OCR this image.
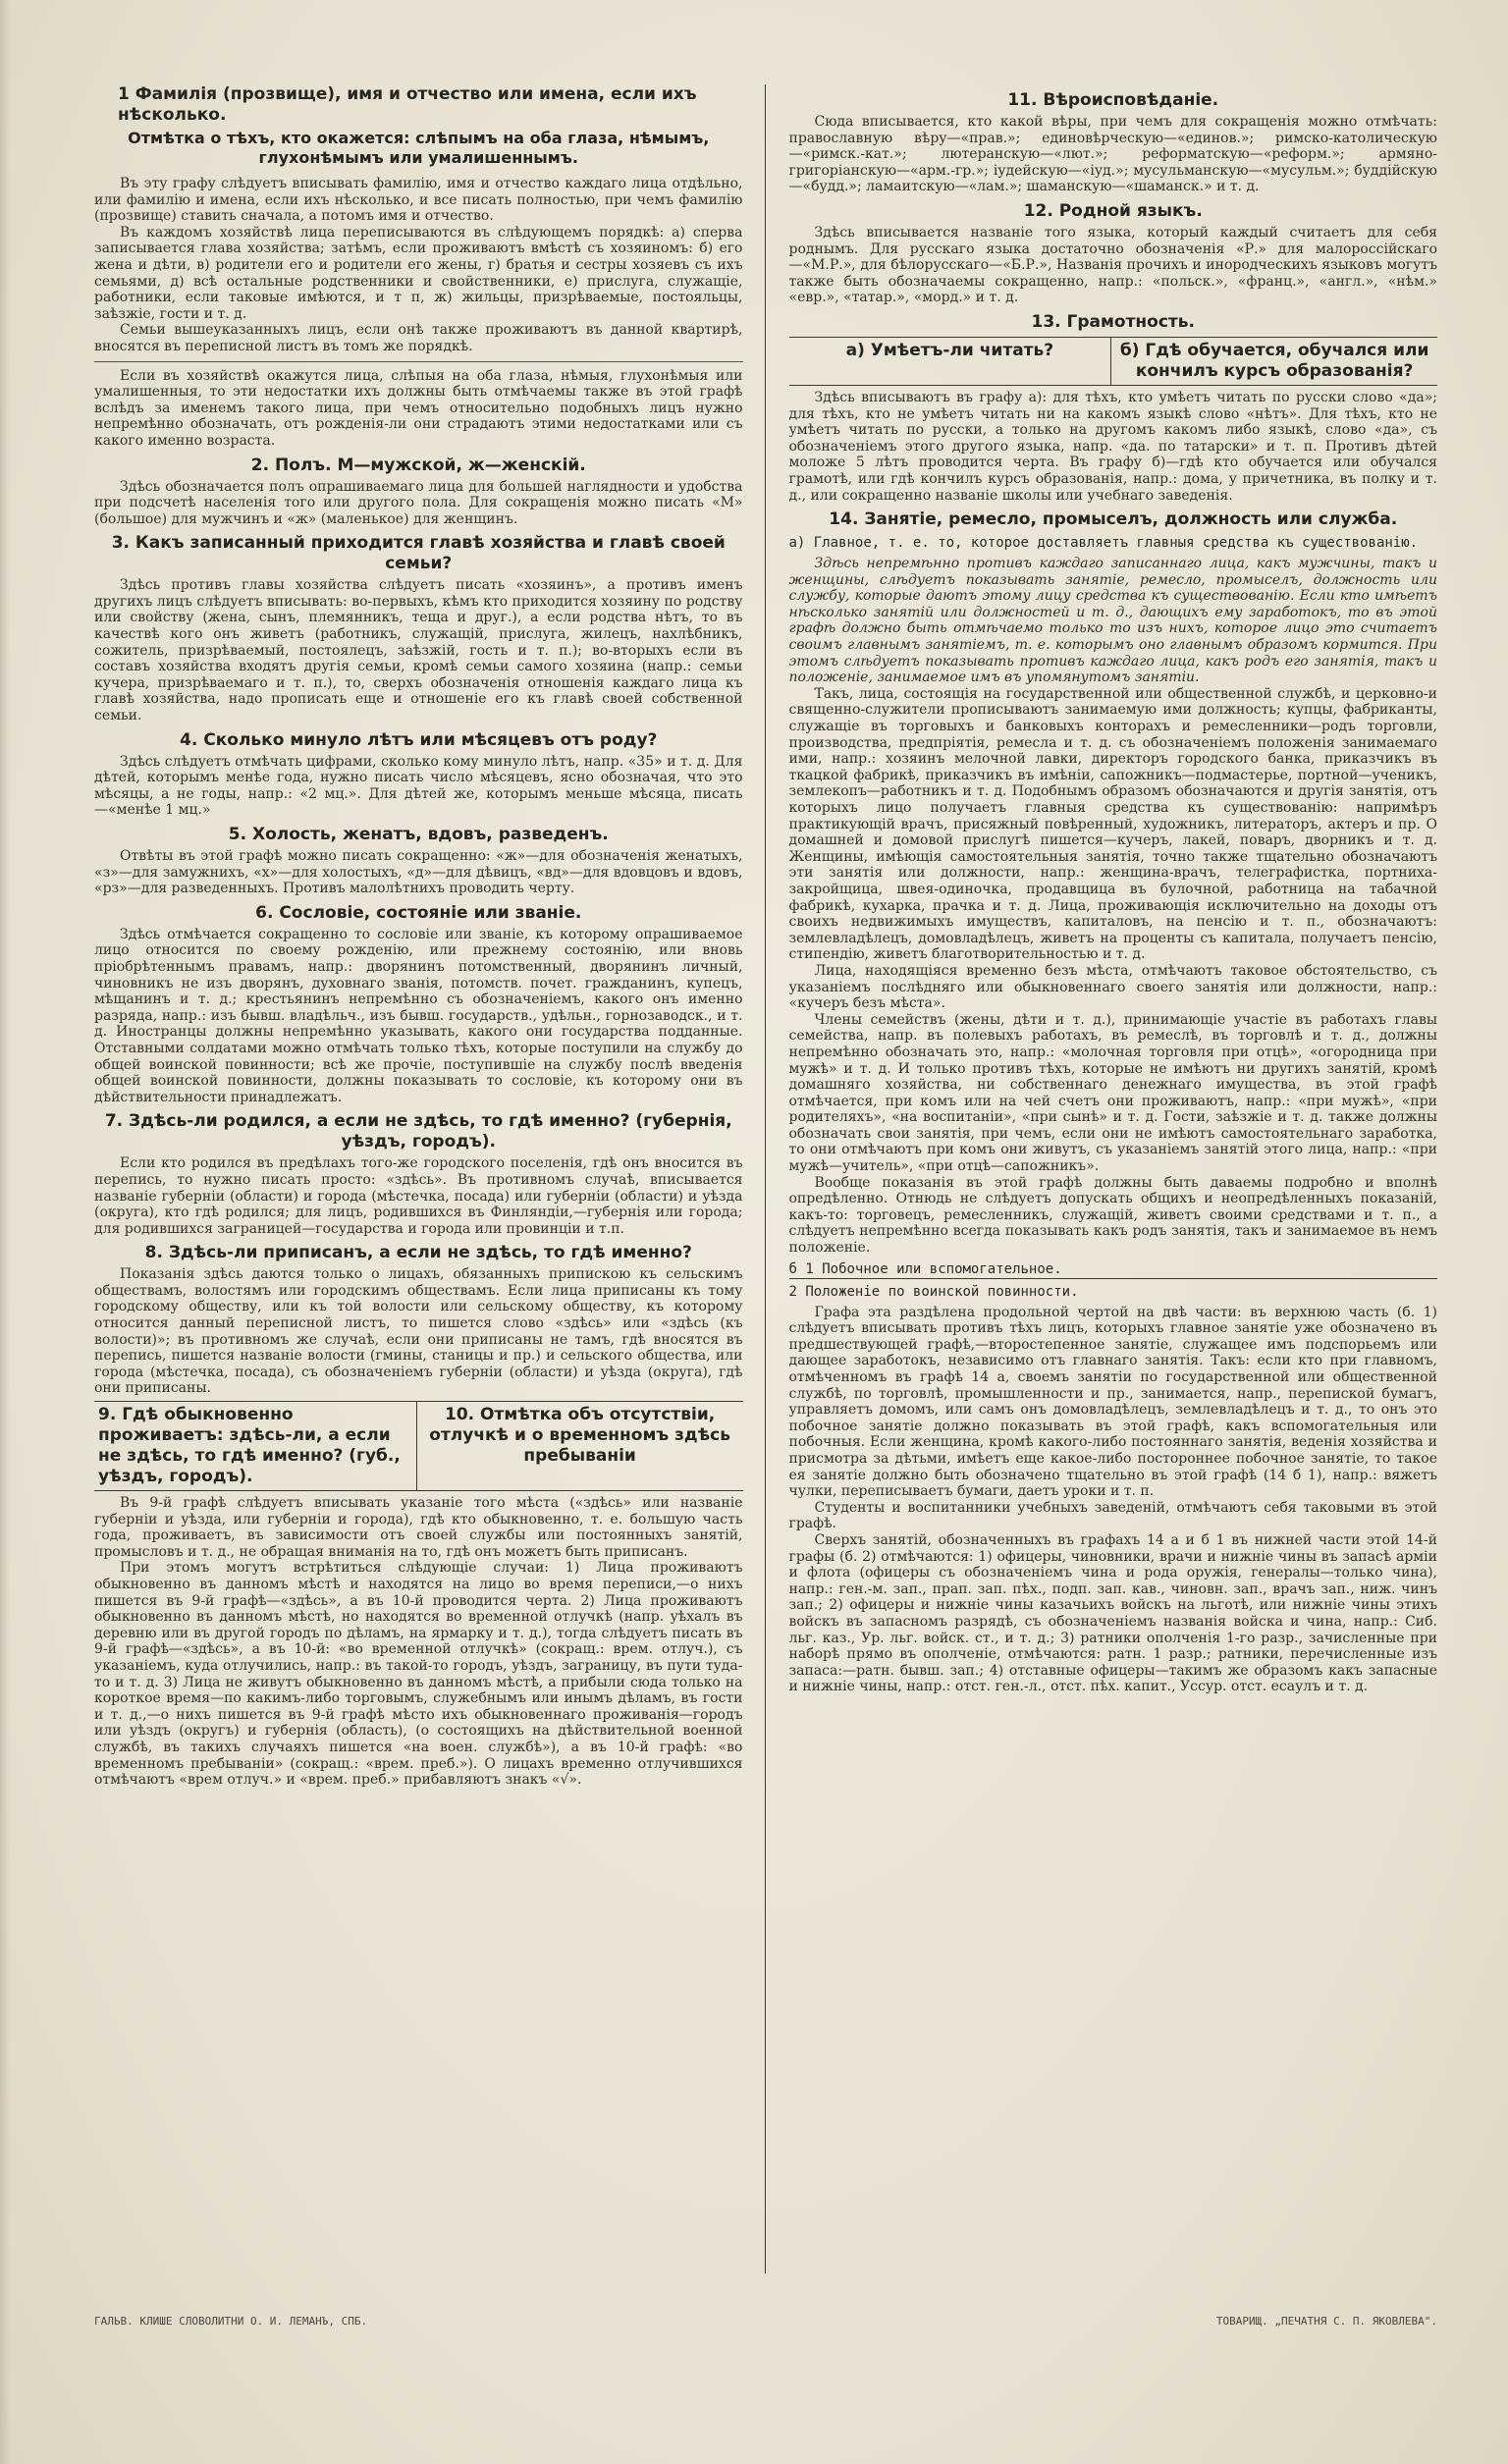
1 Фамилія (прозвище), имя и отчество или имена, если ихъ нѣсколько.
Отмѣтка о тѣхъ, кто окажется: слѣпымъ на оба глаза, нѣмымъ, глухонѣмымъ или умалишеннымъ.

Въ эту графу слѣдуетъ вписывать фамилію, имя и отчество каждаго лица отдѣльно, или фамилію и имена, если ихъ нѣсколько, и все писать полностью, при чемъ фамилію (прозвище) ставить сначала, а потомъ имя и отчество.

Въ каждомъ хозяйствѣ лица переписываются въ слѣдующемъ порядкѣ: а) сперва записывается глава хозяйства; затѣмъ, если проживаютъ вмѣстѣ съ хозяиномъ: б) его жена и дѣти, в) родители его и родители его жены, г) братья и сестры хозяевъ съ ихъ семьями, д) всѣ остальные родственники и свойственники, е) прислуга, служащіе, работники, если таковые имѣются, и т п, ж) жильцы, призрѣваемые, постояльцы, заѣзжіе, гости и т. д.

Семьи вышеуказанныхъ лицъ, если онѣ также проживаютъ въ данной квартирѣ, вносятся въ переписной листъ въ томъ же порядкѣ.

Если въ хозяйствѣ окажутся лица, слѣпыя на оба глаза, нѣмыя, глухонѣмыя или умалишенныя, то эти недостатки ихъ должны быть отмѣчаемы также въ этой графѣ вслѣдъ за именемъ такого лица, при чемъ относительно подобныхъ лицъ нужно непремѣнно обозначать, отъ рожденія-ли они страдаютъ этими недостатками или съ какого именно возраста.

2. Полъ. М—мужской, ж—женскій.

Здѣсь обозначается полъ опрашиваемаго лица для большей наглядности и удобства при подсчетѣ населенія того или другого пола. Для сокращенія можно писать «М» (большое) для мужчинъ и «ж» (маленькое) для женщинъ.

3. Какъ записанный приходится главѣ хозяйства и главѣ своей семьи?

Здѣсь противъ главы хозяйства слѣдуетъ писать «хозяинъ», а противъ именъ другихъ лицъ слѣдуетъ вписывать: во-первыхъ, кѣмъ кто приходится хозяину по родству или свойству (жена, сынъ, племянникъ, теща и друг.), а если родства нѣтъ, то въ качествѣ кого онъ живетъ (работникъ, служащій, прислуга, жилецъ, нахлѣбникъ, сожитель, призрѣваемый, постоялецъ, заѣзжій, гость и т. п.); во-вторыхъ если въ составъ хозяйства входятъ другія семьи, кромѣ семьи самого хозяина (напр.: семьи кучера, призрѣваемаго и т. п.), то, сверхъ обозначенія отношенія каждаго лица къ главѣ хозяйства, надо прописать еще и отношеніе его къ главѣ своей собственной семьи.

4. Сколько минуло лѣтъ или мѣсяцевъ отъ роду?

Здѣсь слѣдуетъ отмѣчать цифрами, сколько кому минуло лѣтъ, напр. «35» и т. д. Для дѣтей, которымъ менѣе года, нужно писать число мѣсяцевъ, ясно обозначая, что это мѣсяцы, а не годы, напр.: «2 мц.». Для дѣтей же, которымъ меньше мѣсяца, писать—«менѣе 1 мц.»

5. Холость, женатъ, вдовъ, разведенъ.

Отвѣты въ этой графѣ можно писать сокращенно: «ж»—для обозначенія женатыхъ, «з»—для замужнихъ, «х»—для холостыхъ, «д»—для дѣвицъ, «вд»—для вдовцовъ и вдовъ, «рз»—для разведенныхъ. Противъ малолѣтнихъ проводить черту.

6. Сословіе, состояніе или званіе.

Здѣсь отмѣчается сокращенно то сословіе или званіе, къ которому опрашиваемое лицо относится по своему рожденію, или прежнему состоянію, или вновь пріобрѣтеннымъ правамъ, напр.: дворянинъ потомственный, дворянинъ личный, чиновникъ не изъ дворянъ, духовнаго званія, потомств. почет. гражданинъ, купецъ, мѣщанинъ и т. д.; крестьянинъ непремѣнно съ обозначеніемъ, какого онъ именно разряда, напр.: изъ бывш. владѣльч., изъ бывш. государств., удѣльн., горнозаводск., и т. д. Иностранцы должны непремѣнно указывать, какого они государства подданные. Отставными солдатами можно отмѣчать только тѣхъ, которые поступили на службу до общей воинской повинности; всѣ же прочіе, поступившіе на службу послѣ введенія общей воинской повинности, должны показывать то сословіе, къ которому они въ дѣйствительности принадлежатъ.

7. Здѣсь-ли родился, а если не здѣсь, то гдѣ именно? (губернія, уѣздъ, городъ).

Если кто родился въ предѣлахъ того-же городского поселенія, гдѣ онъ вносится въ перепись, то нужно писать просто: «здѣсь». Въ противномъ случаѣ, вписывается названіе губерніи (области) и города (мѣстечка, посада) или губерніи (области) и уѣзда (округа), кто гдѣ родился; для лицъ, родившихся въ Финляндіи,—губернія или города; для родившихся заграницей—государства и города или провинціи и т.п.

8. Здѣсь-ли приписанъ, а если не здѣсь, то гдѣ именно?

Показанія здѣсь даются только о лицахъ, обязанныхъ припискою къ сельскимъ обществамъ, волостямъ или городскимъ обществамъ. Если лица приписаны къ тому городскому обществу, или къ той волости или сельскому обществу, къ которому относится данный переписной листъ, то пишется слово «здѣсь» или «здѣсь (къ волости)»; въ противномъ же случаѣ, если они приписаны не тамъ, гдѣ вносятся въ перепись, пишется названіе волости (гмины, станицы и пр.) и сельского общества, или города (мѣстечка, посада), съ обозначеніемъ губерніи (области) и уѣзда (округа), гдѣ они приписаны.

9. Гдѣ обыкновенно проживаетъ: здѣсь-ли, а если не здѣсь, то гдѣ именно? (губ., уѣздъ, городъ).
10. Отмѣтка объ отсутствіи, отлучкѣ и о временномъ здѣсь пребываніи

Въ 9-й графѣ слѣдуетъ вписывать указаніе того мѣста («здѣсь» или названіе губерніи и уѣзда, или губерніи и города), гдѣ кто обыкновенно, т. е. большую часть года, проживаетъ, въ зависимости отъ своей службы или постоянныхъ занятій, промысловъ и т. д., не обращая вниманія на то, гдѣ онъ можетъ быть приписанъ.

При этомъ могутъ встрѣтиться слѣдующіе случаи: 1) Лица проживаютъ обыкновенно въ данномъ мѣстѣ и находятся на лицо во время переписи,—о нихъ пишется въ 9-й графѣ—«здѣсь», а въ 10-й проводится черта. 2) Лица проживаютъ обыкновенно въ данномъ мѣстѣ, но находятся во временной отлучкѣ (напр. уѣхалъ въ деревню или въ другой городъ по дѣламъ, на ярмарку и т. д.), тогда слѣдуетъ писать въ 9-й графѣ—«здѣсь», а въ 10-й: «во временной отлучкѣ» (сокращ.: врем. отлуч.), съ указаніемъ, куда отлучились, напр.: въ такой-то городъ, уѣздъ, заграницу, въ пути туда-то и т. д. 3) Лица не живутъ обыкновенно въ данномъ мѣстѣ, а прибыли сюда только на короткое время—по какимъ-либо торговымъ, служебнымъ или инымъ дѣламъ, въ гости и т. д.,—о нихъ пишется въ 9-й графѣ мѣсто ихъ обыкновеннаго проживанія—городъ или уѣздъ (округъ) и губернія (область), (о состоящихъ на дѣйствительной военной службѣ, въ такихъ случаяхъ пишется «на воен. службѣ»), а въ 10-й графѣ: «во временномъ пребываніи» (сокращ.: «врем. преб.»). О лицахъ временно отлучившихся отмѣчаютъ «врем отлуч.» и «врем. преб.» прибавляютъ знакъ «√».

11. Вѣроисповѣданіе.

Сюда вписывается, кто какой вѣры, при чемъ для сокращенія можно отмѣчать: православную вѣру—«прав.»; единовѣрческую—«единов.»; римско-католическую—«римск.-кат.»; лютеранскую—«лют.»; реформатскую—«реформ.»; армяно-григоріанскую—«арм.-гр.»; іудейскую—«іуд.»; мусульманскую—«мусульм.»; буддійскую—«будд.»; ламаитскую—«лам.»; шаманскую—«шаманск.» и т. д.

12. Родной языкъ.

Здѣсь вписывается названіе того языка, который каждый считаетъ для себя роднымъ. Для русскаго языка достаточно обозначенія «Р.» для малороссійскаго—«М.Р.», для бѣлорусскаго—«Б.Р.», Названія прочихъ и инородческихъ языковъ могутъ также быть обозначаемы сокращенно, напр.: «польск.», «франц.», «англ.», «нѣм.» «евр.», «татар.», «морд.» и т. д.

13. Грамотность.
а) Умѣетъ-ли читать?	б) Гдѣ обучается, обучался или кончилъ курсъ образованія?

Здѣсь вписываютъ въ графу а): для тѣхъ, кто умѣетъ читать по русски слово «да»; для тѣхъ, кто не умѣетъ читать ни на какомъ языкѣ слово «нѣтъ». Для тѣхъ, кто не умѣетъ читать по русски, а только на другомъ какомъ либо языкѣ, слово «да», съ обозначеніемъ этого другого языка, напр. «да. по татарски» и т. п. Противъ дѣтей моложе 5 лѣтъ проводится черта. Въ графу б)—гдѣ кто обучается или обучался грамотѣ, или гдѣ кончилъ курсъ образованія, напр.: дома, у причетника, въ полку и т. д., или сокращенно названіе школы или учебнаго заведенія.

14. Занятіе, ремесло, промыселъ, должность или служба.
а) Главное, т. е. то, которое доставляетъ главныя средства къ существованію.

Здѣсь непремѣнно противъ каждаго записаннаго лица, какъ мужчины, такъ и женщины, слѣдуетъ показывать занятіе, ремесло, промыселъ, должность или службу, которые даютъ этому лицу средства къ существованію. Если кто имѣетъ нѣсколько занятій или должностей и т. д., дающихъ ему заработокъ, то въ этой графѣ должно быть отмѣчаемо только то изъ нихъ, которое лицо это считаетъ своимъ главнымъ занятіемъ, т. е. которымъ оно главнымъ образомъ кормится. При этомъ слѣдуетъ показывать противъ каждаго лица, какъ родъ его занятія, такъ и положеніе, занимаемое имъ въ упомянутомъ занятіи.

Такъ, лица, состоящія на государственной или общественной службѣ, и церковно-и священно-служители прописываютъ занимаемую ими должность; купцы, фабриканты, служащіе въ торговыхъ и банковыхъ конторахъ и ремесленники—родъ торговли, производства, предпріятія, ремесла и т. д. съ обозначеніемъ положенія занимаемаго ими, напр.: хозяинъ мелочной лавки, директоръ городского банка, приказчикъ въ ткацкой фабрикѣ, приказчикъ въ имѣніи, сапожникъ—подмастерье, портной—ученикъ, землекопъ—работникъ и т. д. Подобнымъ образомъ обозначаются и другія занятія, отъ которыхъ лицо получаетъ главныя средства къ существованію: напримѣръ практикующій врачъ, присяжный повѣренный, художникъ, литераторъ, актеръ и пр. О домашней и домовой прислугѣ пишется—кучеръ, лакей, поваръ, дворникъ и т. д. Женщины, имѣющія самостоятельныя занятія, точно также тщательно обозначаютъ эти занятія или должности, напр.: женщина-врачъ, телеграфистка, портниха-закройщица, швея-одиночка, продавщица въ булочной, работница на табачной фабрикѣ, кухарка, прачка и т. д. Лица, проживающія исключительно на доходы отъ своихъ недвижимыхъ имуществъ, капиталовъ, на пенсію и т. п., обозначаютъ: землевладѣлецъ, домовладѣлецъ, живетъ на проценты съ капитала, получаетъ пенсію, стипендію, живетъ благотворительностью и т. д.

Лица, находящіяся временно безъ мѣста, отмѣчаютъ таковое обстоятельство, съ указаніемъ послѣдняго или обыкновеннаго своего занятія или должности, напр.: «кучеръ безъ мѣста».

Члены семействъ (жены, дѣти и т. д.), принимающіе участіе въ работахъ главы семейства, напр. въ полевыхъ работахъ, въ ремеслѣ, въ торговлѣ и т. д., должны непремѣнно обозначать это, напр.: «молочная торговля при отцѣ», «огородница при мужѣ» и т. д. И только противъ тѣхъ, которые не имѣютъ ни другихъ занятій, кромѣ домашняго хозяйства, ни собственнаго денежнаго имущества, въ этой графѣ отмѣчается, при комъ или на чей счетъ они проживаютъ, напр.: «при мужѣ», «при родителяхъ», «на воспитаніи», «при сынѣ» и т. д. Гости, заѣзжіе и т. д. также должны обозначать свои занятія, при чемъ, если они не имѣютъ самостоятельнаго заработка, то они отмѣчаютъ при комъ они живутъ, съ указаніемъ занятій этого лица, напр.: «при мужѣ—учитель», «при отцѣ—сапожникъ».

Вообще показанія въ этой графѣ должны быть даваемы подробно и вполнѣ опредѣленно. Отнюдь не слѣдуетъ допускать общихъ и неопредѣленныхъ показаній, какъ-то: торговецъ, ремесленникъ, служащій, живетъ своими средствами и т. п., а слѣдуетъ непремѣнно всегда показывать какъ родъ занятія, такъ и занимаемое въ немъ положеніе.

б 1 Побочное или вспомогательное.
2 Положеніе по воинской повинности.

Графа эта раздѣлена продольной чертой на двѣ части: въ верхнюю часть (б. 1) слѣдуетъ вписывать противъ тѣхъ лицъ, которыхъ главное занятіе уже обозначено въ предшествующей графѣ,—второстепенное занятіе, служащее имъ подспорьемъ или дающее заработокъ, независимо отъ главнаго занятія. Такъ: если кто при главномъ, отмѣченномъ въ графѣ 14 а, своемъ занятіи по государственной или общественной службѣ, по торговлѣ, промышленности и пр., занимается, напр., перепиской бумагъ, управляетъ домомъ, или самъ онъ домовладѣлецъ, землевладѣлецъ и т. д., то онъ это побочное занятіе должно показывать въ этой графѣ, какъ вспомогательныя или побочныя. Если женщина, кромѣ какого-либо постояннаго занятія, веденія хозяйства и присмотра за дѣтьми, имѣетъ еще какое-либо постороннее побочное занятіе, то такое ея занятіе должно быть обозначено тщательно въ этой графѣ (14 б 1), напр.: вяжетъ чулки, переписываетъ бумаги, даетъ уроки и т. п.

Студенты и воспитанники учебныхъ заведеній, отмѣчаютъ себя таковыми въ этой графѣ.

Сверхъ занятій, обозначенныхъ въ графахъ 14 а и б 1 въ нижней части этой 14-й графы (б. 2) отмѣчаются: 1) офицеры, чиновники, врачи и нижніе чины въ запасѣ арміи и флота (офицеры съ обозначеніемъ чина и рода оружія, генералы—только чина), напр.: ген.-м. зап., прап. зап. пѣх., подп. зап. кав., чиновн. зап., врачъ зап., ниж. чинъ зап.; 2) офицеры и нижніе чины казачьихъ войскъ на льготѣ, или нижніе чины этихъ войскъ въ запасномъ разрядѣ, съ обозначеніемъ названія войска и чина, напр.: Сиб. льг. каз., Ур. льг. войск. ст., и т. д.; 3) ратники ополченія 1-го разр., зачисленные при наборѣ прямо въ ополченіе, отмѣчаются: ратн. 1 разр.; ратники, перечисленные изъ запаса:—ратн. бывш. зап.; 4) отставные офицеры—такимъ же образомъ какъ запасные и нижніе чины, напр.: отст. ген.-л., отст. пѣх. капит., Уссур. отст. есаулъ и т. д.

ГАЛЬВ. КЛИШЕ СЛОВОЛИТНИ О. И. ЛЕМАНЪ, СПБ.	ТОВАРИЩ. „ПЕЧАТНЯ С. П. ЯКОВЛЕВА".
